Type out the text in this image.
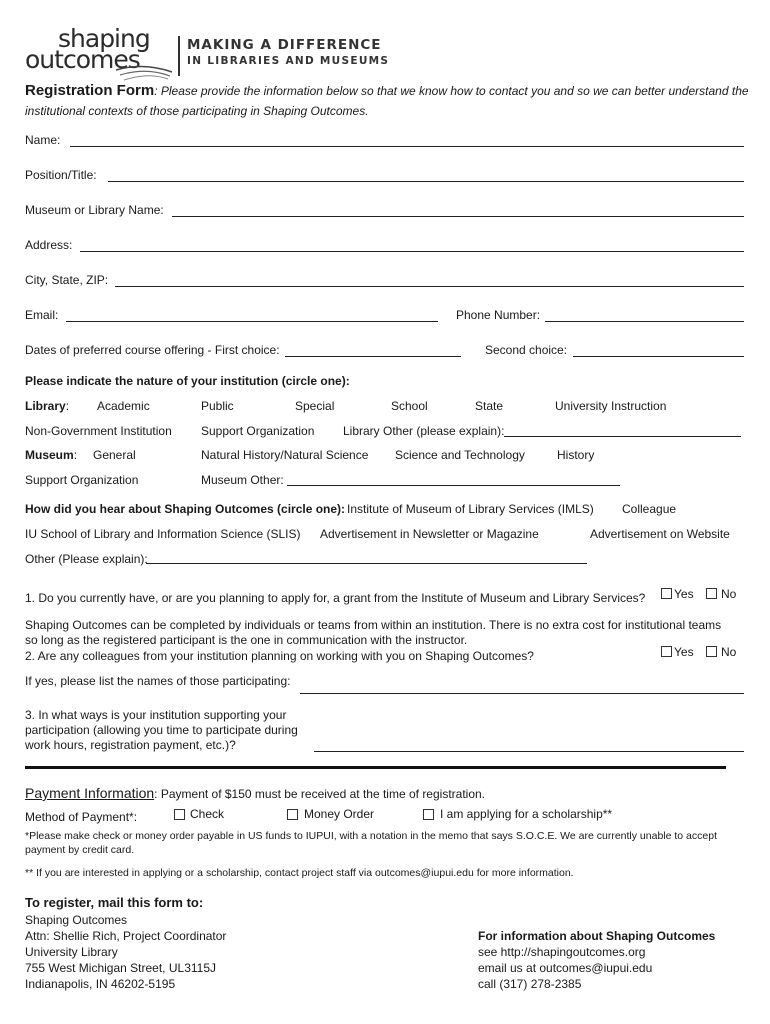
shaping
outcomes	MAKING A DIFFERENCE
IN LIBRARIES AND MUSEUMS
Registration Form: Please provide the information below so that we know how to contact you and so we can better understand the
institutional contexts of those participating in Shaping Outcomes.
Name:
Position/Title:
Museum or Library Name:
Address:
City, State, ZIP:
Email:	Phone Number:
Dates of preferred course offering - First choice:	Second choice:
Please indicate the nature of your institution (circle one):
Library: Academic	Public	Special	School	State	University Instruction
Non-Government Institution Support Organization Library Other (please explain):
Museum: General	Natural History/Natural Science Science and Technology	History
Support Organization	Museum Other:
How did you hear about Shaping Outcomes (circle one): Institute of Museum of Library Services (IMLS) Colleague
IU School of Library and Information Science (SLIS) Advertisement in Newsletter or Magazine	Advertisement on Website
Other (Please explain):
1. Do you currently have, or are you planning to apply for, a grant from the Institute of Museum and Library Services? Yes No
Shaping Outcomes can be completed by individuals or teams from within an institution. There is no extra cost for institutional teams
so long as the registered participant is the one in communication with the instructor.
2. Are any colleagues from your institution planning on working with you on Shaping Outcomes?	Yes No
If yes, please list the names of those participating:
3. In what ways is your institution supporting your
participation (allowing you time to participate during
work hours, registration payment, etc.)?
Payment Information: Payment of $150 must be received at the time of registration.
Method of Payment*:	Check	Money Order	I am applying for a scholarship**
*Please make check or money order payable in US funds to IUPUI, with a notation in the memo that says S.O.C.E. We are currently unable to accept
payment by credit card.
** If you are interested in applying or a scholarship, contact project staff via outcomes@iupui.edu for more information.
To register, mail this form to:
Shaping Outcomes
Attn: Shellie Rich, Project Coordinator
University Library
755 West Michigan Street, UL3115J
Indianapolis, IN 46202-5195
For information about Shaping Outcomes
see http://shapingoutcomes.org
email us at outcomes@iupui.edu
call (317) 278-2385
